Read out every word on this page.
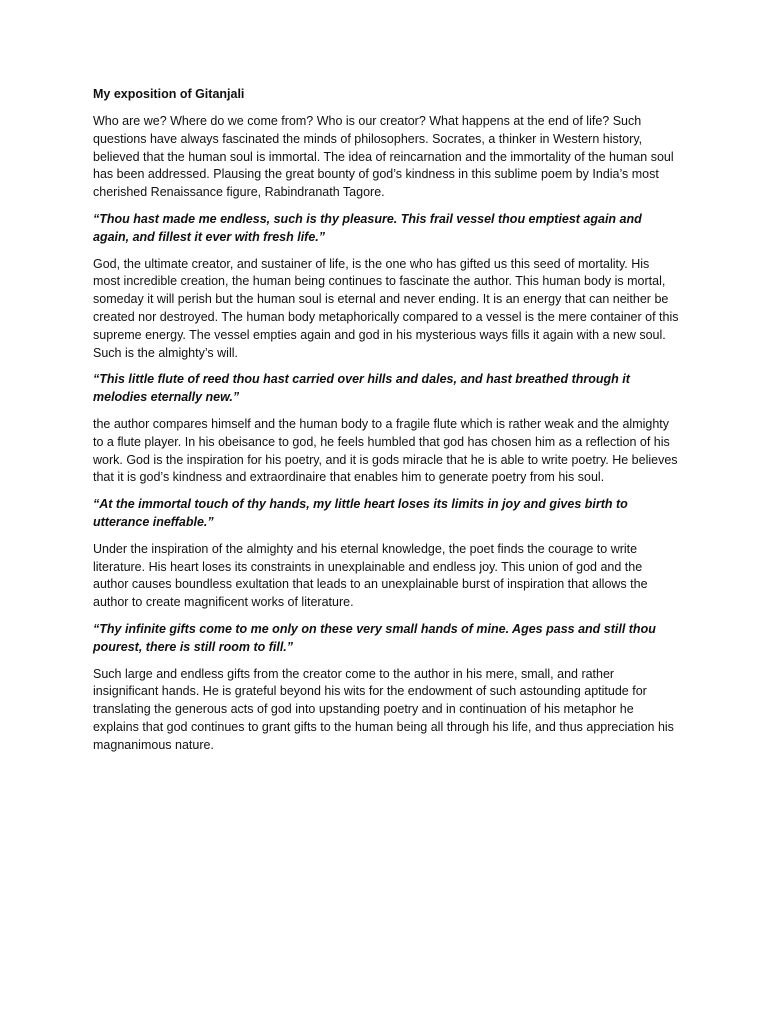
My exposition of Gitanjali

Who are we? Where do we come from? Who is our creator? What happens at the end of life? Such questions have always fascinated the minds of philosophers. Socrates, a thinker in Western history, believed that the human soul is immortal. The idea of reincarnation and the immortality of the human soul has been addressed. Plausing the great bounty of god’s kindness in this sublime poem by India’s most cherished Renaissance figure, Rabindranath Tagore.

“Thou hast made me endless, such is thy pleasure. This frail vessel thou emptiest again and again, and fillest it ever with fresh life.”

God, the ultimate creator, and sustainer of life, is the one who has gifted us this seed of mortality. His most incredible creation, the human being continues to fascinate the author. This human body is mortal, someday it will perish but the human soul is eternal and never ending. It is an energy that can neither be created nor destroyed. The human body metaphorically compared to a vessel is the mere container of this supreme energy. The vessel empties again and god in his mysterious ways fills it again with a new soul. Such is the almighty’s will.

“This little flute of reed thou hast carried over hills and dales, and hast breathed through it melodies eternally new.”

the author compares himself and the human body to a fragile flute which is rather weak and the almighty to a flute player. In his obeisance to god, he feels humbled that god has chosen him as a reflection of his work. God is the inspiration for his poetry, and it is gods miracle that he is able to write poetry. He believes that it is god’s kindness and extraordinaire that enables him to generate poetry from his soul.

“At the immortal touch of thy hands, my little heart loses its limits in joy and gives birth to utterance ineffable.”

Under the inspiration of the almighty and his eternal knowledge, the poet finds the courage to write literature. His heart loses its constraints in unexplainable and endless joy. This union of god and the author causes boundless exultation that leads to an unexplainable burst of inspiration that allows the author to create magnificent works of literature.

“Thy infinite gifts come to me only on these very small hands of mine. Ages pass and still thou pourest, there is still room to fill.”

Such large and endless gifts from the creator come to the author in his mere, small, and rather insignificant hands. He is grateful beyond his wits for the endowment of such astounding aptitude for translating the generous acts of god into upstanding poetry and in continuation of his metaphor he explains that god continues to grant gifts to the human being all through his life, and thus appreciation his magnanimous nature.
